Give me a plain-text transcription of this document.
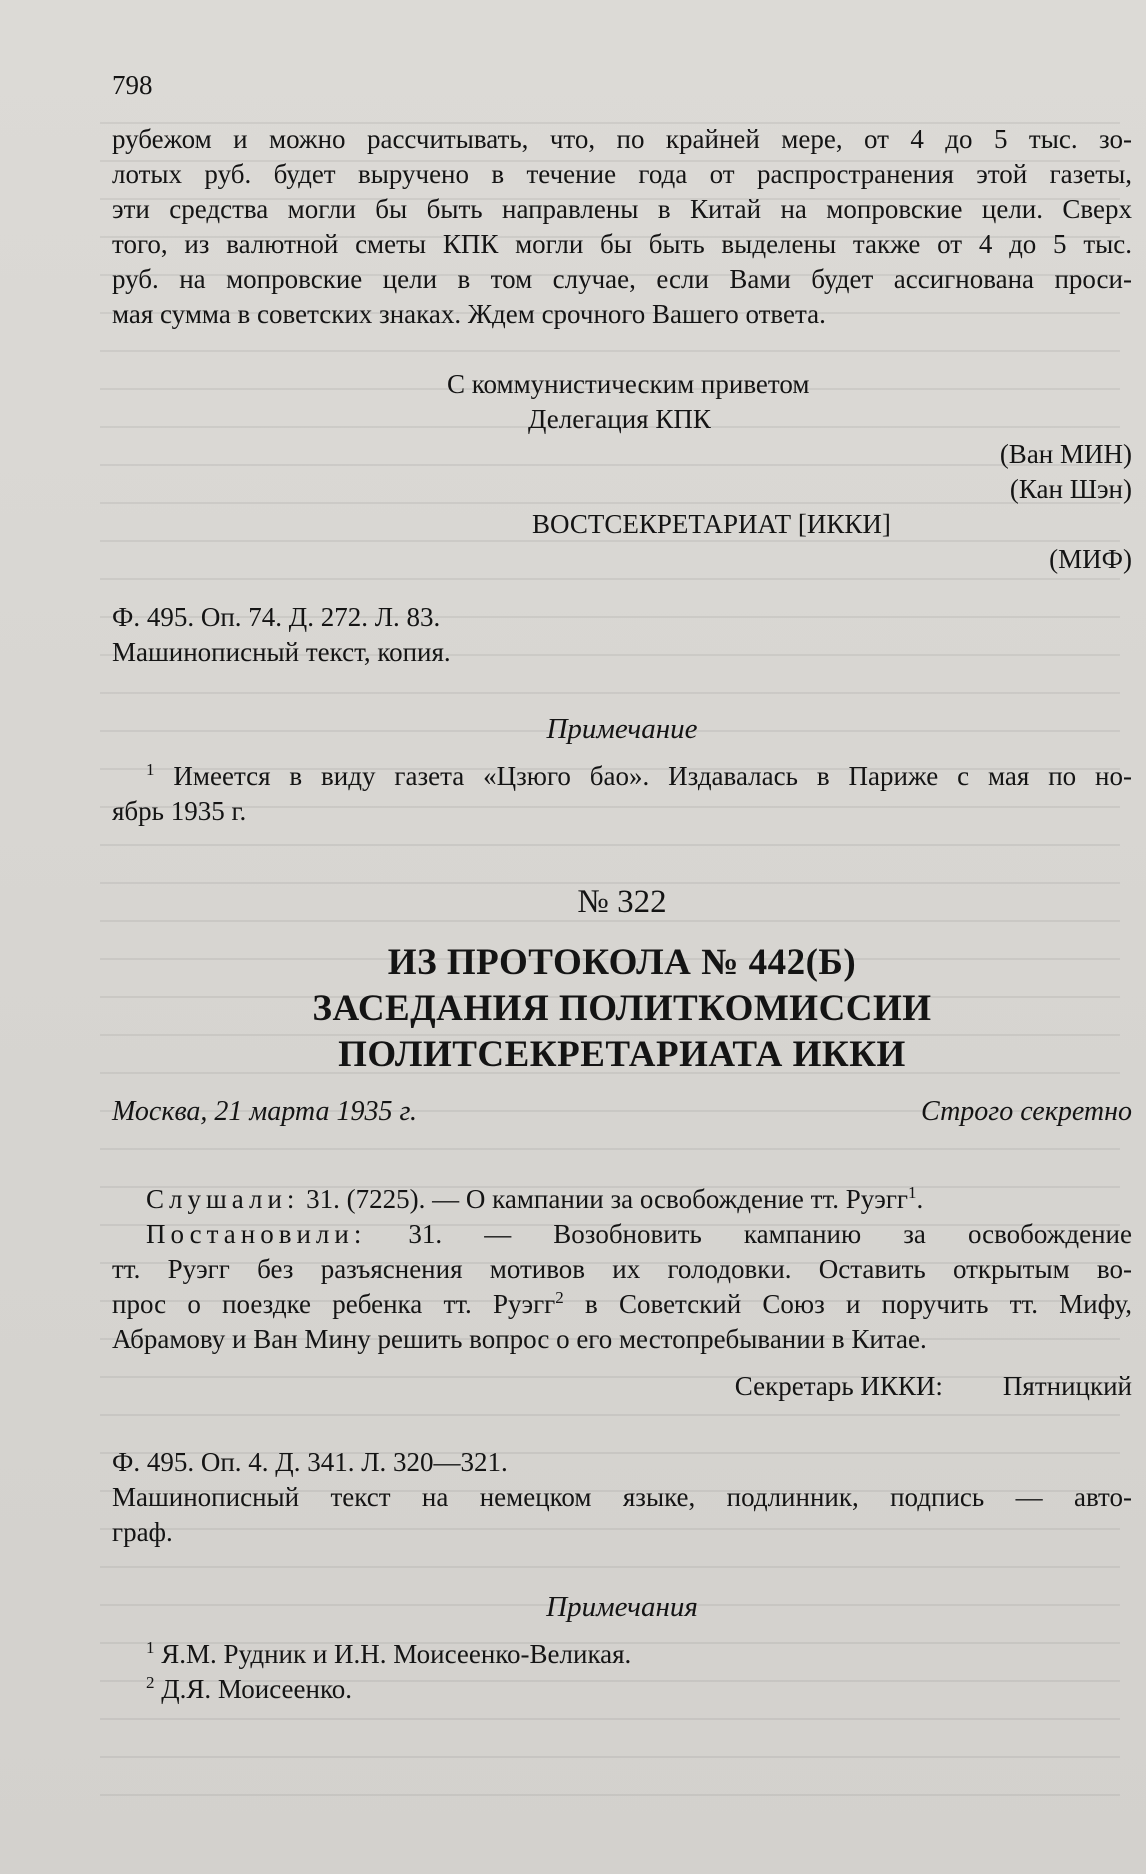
798

рубежом и можно рассчитывать, что, по крайней мере, от 4 до 5 тыс. зо-

лотых руб. будет выручено в течение года от распространения этой газеты,

эти средства могли бы быть направлены в Китай на мопровские цели. Сверх

того, из валютной сметы КПК могли бы быть выделены также от 4 до 5 тыс.

руб. на мопровские цели в том случае, если Вами будет ассигнована проси-

мая сумма в советских знаках. Ждем срочного Вашего ответа.

С коммунистическим приветом

Делегация КПК

(Ван МИН)

(Кан Шэн)

ВОСТСЕКРЕТАРИАТ [ИККИ]

(МИФ)

Ф. 495. Оп. 74. Д. 272. Л. 83.

Машинописный текст, копия.

Примечание

$^1$ Имеется в виду газета «Цзюго бао». Издавалась в Париже с мая по но-

ябрь 1935 г.

№ 322

ИЗ ПРОТОКОЛА № 442(Б)

ЗАСЕДАНИЯ ПОЛИТКОМИССИИ

ПОЛИТСЕКРЕТАРИАТА ИККИ

Москва, 21 марта 1935 г.	Строго секретно

Слушали: 31. (7225). — О кампании за освобождение тт. Руэгг$^1$.

Постановили: 31. — Возобновить кампанию за освобождение

тт. Руэгг без разъяснения мотивов их голодовки. Оставить открытым во-

прос о поездке ребенка тт. Руэгг$^2$ в Советский Союз и поручить тт. Мифу,

Абрамову и Ван Мину решить вопрос о его местопребывании в Китае.

Секретарь ИККИ: Пятницкий

Ф. 495. Оп. 4. Д. 341. Л. 320—321.

Машинописный текст на немецком языке, подлинник, подпись — авто-

граф.

Примечания

$^1$ Я.М. Рудник и И.Н. Моисеенко-Великая.

$^2$ Д.Я. Моисеенко.
